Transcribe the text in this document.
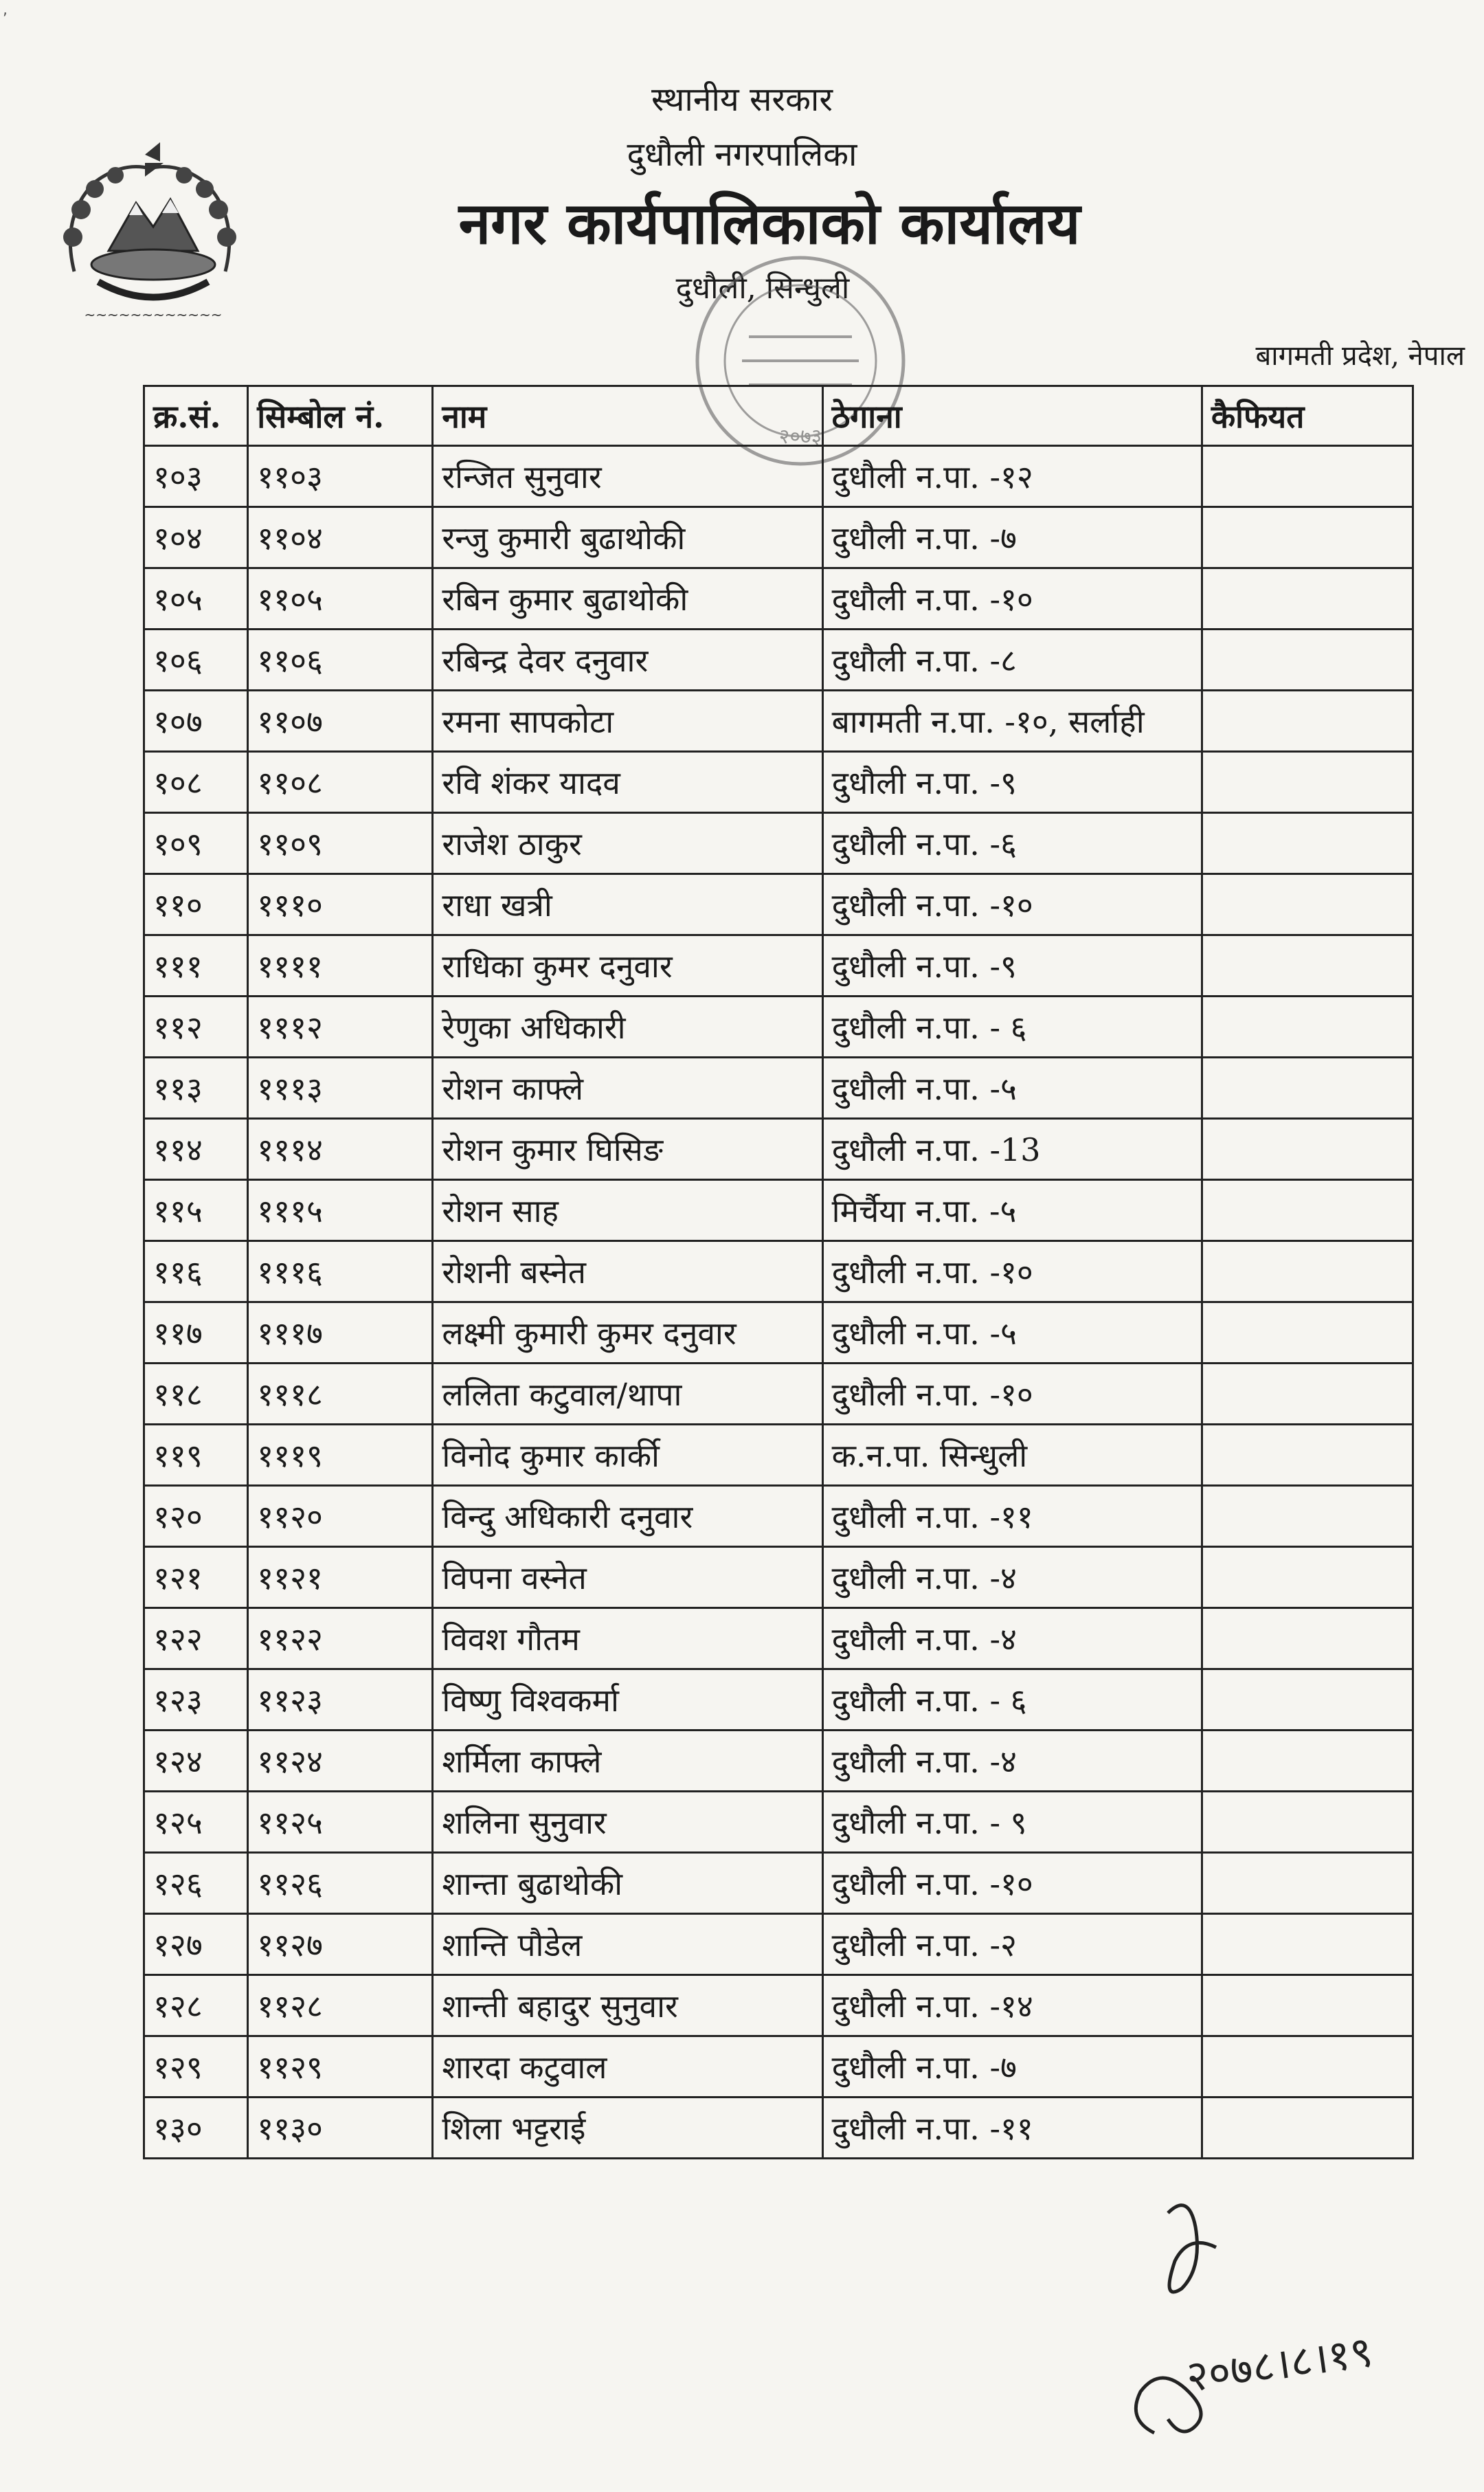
,
~~~~~~~~~~~~
स्थानीय सरकार
दुधौली नगरपालिका
नगर कार्यपालिकाको कार्यालय
दुधौली, सिन्धुली
बागमती प्रदेश, नेपाल
२०७३
क्र.सं.	सिम्बोल नं.	नाम	ठेगाना	कैफियत
१०३	११०३	रन्जित सुनुवार	दुधौली न.पा. -१२	
१०४	११०४	रन्जु कुमारी बुढाथोकी	दुधौली न.पा. -७	
१०५	११०५	रबिन कुमार बुढाथोकी	दुधौली न.पा. -१०	
१०६	११०६	रबिन्द्र देवर दनुवार	दुधौली न.पा. -८	
१०७	११०७	रमना सापकोटा	बागमती न.पा. -१०, सर्लाही	
१०८	११०८	रवि शंकर यादव	दुधौली न.पा. -९	
१०९	११०९	राजेश ठाकुर	दुधौली न.पा. -६	
११०	१११०	राधा खत्री	दुधौली न.पा. -१०	
१११	११११	राधिका कुमर दनुवार	दुधौली न.पा. -९	
११२	१११२	रेणुका अधिकारी	दुधौली न.पा. - ६	
११३	१११३	रोशन काफ्ले	दुधौली न.पा. -५	
११४	१११४	रोशन कुमार घिसिङ	दुधौली न.पा. -13	
११५	१११५	रोशन साह	मिर्चैया न.पा. -५	
११६	१११६	रोशनी बस्नेत	दुधौली न.पा. -१०	
११७	१११७	लक्ष्मी कुमारी कुमर दनुवार	दुधौली न.पा. -५	
११८	१११८	ललिता कटुवाल/थापा	दुधौली न.पा. -१०	
११९	१११९	विनोद कुमार कार्की	क.न.पा. सिन्धुली	
१२०	११२०	विन्दु अधिकारी दनुवार	दुधौली न.पा. -११	
१२१	११२१	विपना वस्नेत	दुधौली न.पा. -४	
१२२	११२२	विवश गौतम	दुधौली न.पा. -४	
१२३	११२३	विष्णु विश्वकर्मा	दुधौली न.पा. - ६	
१२४	११२४	शर्मिला काफ्ले	दुधौली न.पा. -४	
१२५	११२५	शलिना सुनुवार	दुधौली न.पा. - ९	
१२६	११२६	शान्ता बुढाथोकी	दुधौली न.पा. -१०	
१२७	११२७	शान्ति पौडेल	दुधौली न.पा. -२	
१२८	११२८	शान्ती बहादुर सुनुवार	दुधौली न.पा. -१४	
१२९	११२९	शारदा कटुवाल	दुधौली न.पा. -७	
१३०	११३०	शिला भट्टराई	दुधौली न.पा. -११	
२०७८।८।१९
